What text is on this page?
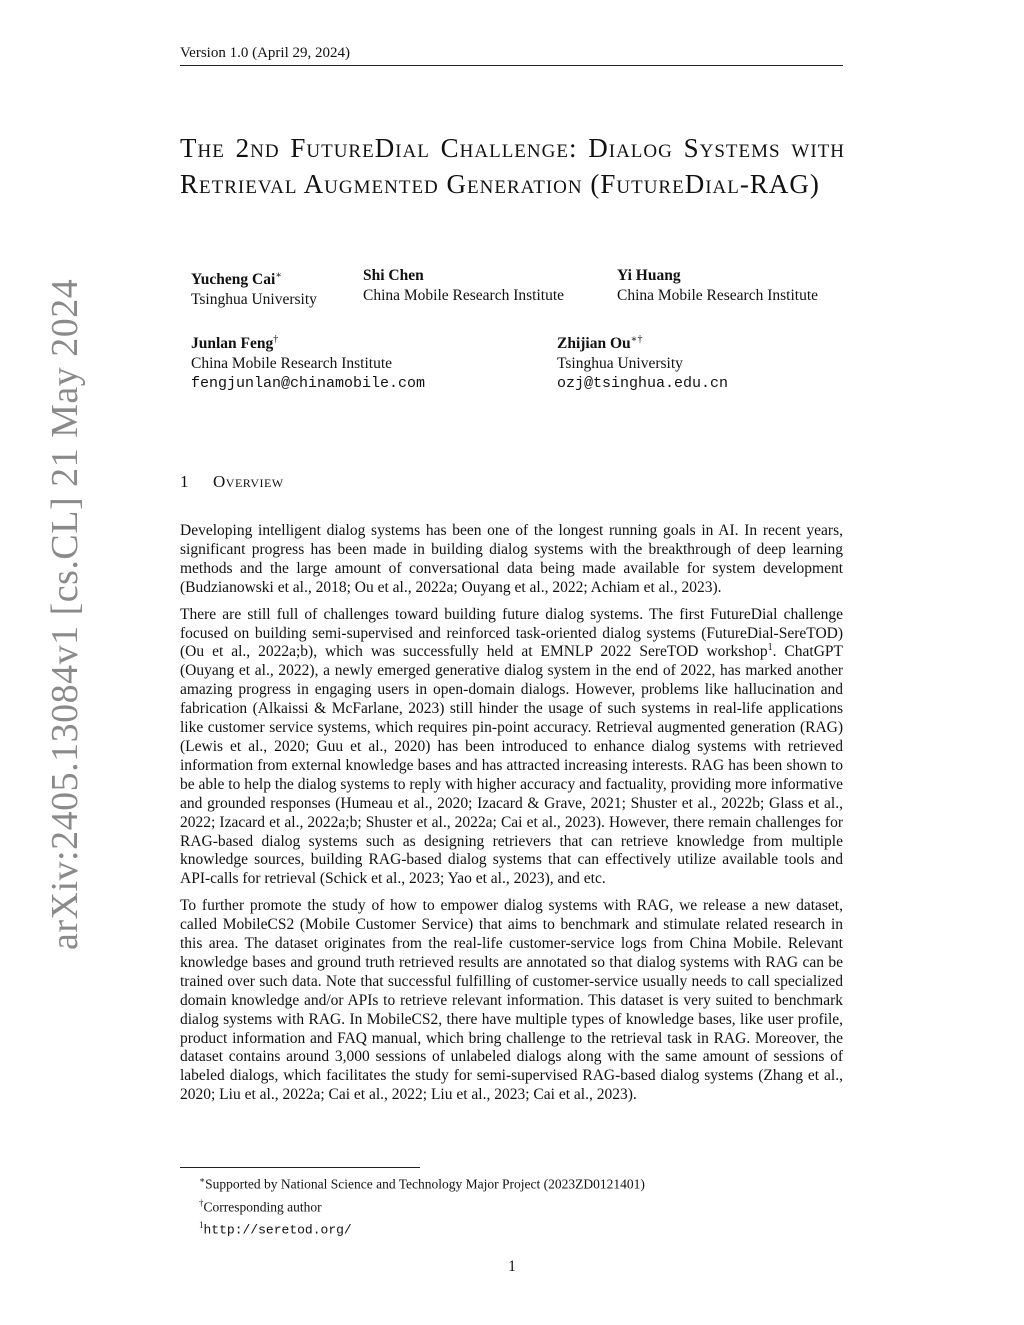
Version 1.0 (April 29, 2024)
arXiv:2405.13084v1 [cs.CL] 21 May 2024
The 2nd FutureDial Challenge: Dialog Systems with Retrieval Augmented Generation (FutureDial-RAG)
Yucheng Cai∗
Tsinghua University
Shi Chen
China Mobile Research Institute
Yi Huang
China Mobile Research Institute
Junlan Feng†
China Mobile Research Institute
fengjunlan@chinamobile.com
Zhijian Ou∗†
Tsinghua University
ozj@tsinghua.edu.cn
1 Overview

Developing intelligent dialog systems has been one of the longest running goals in AI. In recent years, significant progress has been made in building dialog systems with the breakthrough of deep learning methods and the large amount of conversational data being made available for system development (Budzianowski et al., 2018; Ou et al., 2022a; Ouyang et al., 2022; Achiam et al., 2023).

There are still full of challenges toward building future dialog systems. The first FutureDial challenge focused on building semi-supervised and reinforced task-oriented dialog systems (FutureDial-SereTOD) (Ou et al., 2022a;b), which was successfully held at EMNLP 2022 SereTOD workshop$^1$. ChatGPT (Ouyang et al., 2022), a newly emerged generative dialog system in the end of 2022, has marked another amazing progress in engaging users in open-domain dialogs. However, problems like hallucination and fabrication (Alkaissi & McFarlane, 2023) still hinder the usage of such systems in real-life applications like customer service systems, which requires pin-point accuracy. Retrieval augmented generation (RAG) (Lewis et al., 2020; Guu et al., 2020) has been introduced to enhance dialog systems with retrieved information from external knowledge bases and has attracted increasing interests. RAG has been shown to be able to help the dialog systems to reply with higher accuracy and factuality, providing more informative and grounded responses (Humeau et al., 2020; Izacard & Grave, 2021; Shuster et al., 2022b; Glass et al., 2022; Izacard et al., 2022a;b; Shuster et al., 2022a; Cai et al., 2023). However, there remain challenges for RAG-based dialog systems such as designing retrievers that can retrieve knowledge from multiple knowledge sources, building RAG-based dialog systems that can effectively utilize available tools and API-calls for retrieval (Schick et al., 2023; Yao et al., 2023), and etc.

To further promote the study of how to empower dialog systems with RAG, we release a new dataset, called MobileCS2 (Mobile Customer Service) that aims to benchmark and stimulate related research in this area. The dataset originates from the real-life customer-service logs from China Mobile. Relevant knowledge bases and ground truth retrieved results are annotated so that dialog systems with RAG can be trained over such data. Note that successful fulfilling of customer-service usually needs to call specialized domain knowledge and/or APIs to retrieve relevant information. This dataset is very suited to benchmark dialog systems with RAG. In MobileCS2, there have multiple types of knowledge bases, like user profile, product information and FAQ manual, which bring challenge to the retrieval task in RAG. Moreover, the dataset contains around 3,000 sessions of unlabeled dialogs along with the same amount of sessions of labeled dialogs, which facilitates the study for semi-supervised RAG-based dialog systems (Zhang et al., 2020; Liu et al., 2022a; Cai et al., 2022; Liu et al., 2023; Cai et al., 2023).

∗Supported by National Science and Technology Major Project (2023ZD0121401)
†Corresponding author
$^1$http://seretod.org/
1
